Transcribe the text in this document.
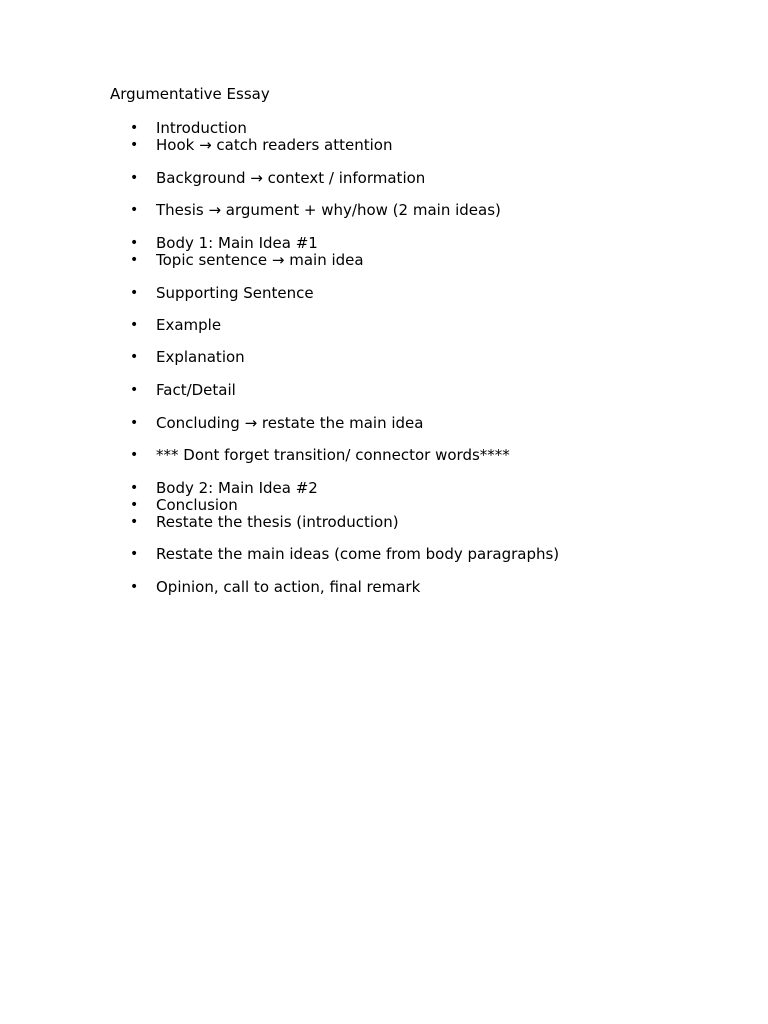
Argumentative Essay
• Introduction
• Hook → catch readers attention
• Background → context / information
• Thesis → argument + why/how (2 main ideas)
• Body 1: Main Idea #1
• Topic sentence → main idea
• Supporting Sentence
• Example
• Explanation
• Fact/Detail
• Concluding → restate the main idea
• *** Dont forget transition/ connector words****
• Body 2: Main Idea #2
• Conclusion
• Restate the thesis (introduction)
• Restate the main ideas (come from body paragraphs)
• Opinion, call to action, final remark
